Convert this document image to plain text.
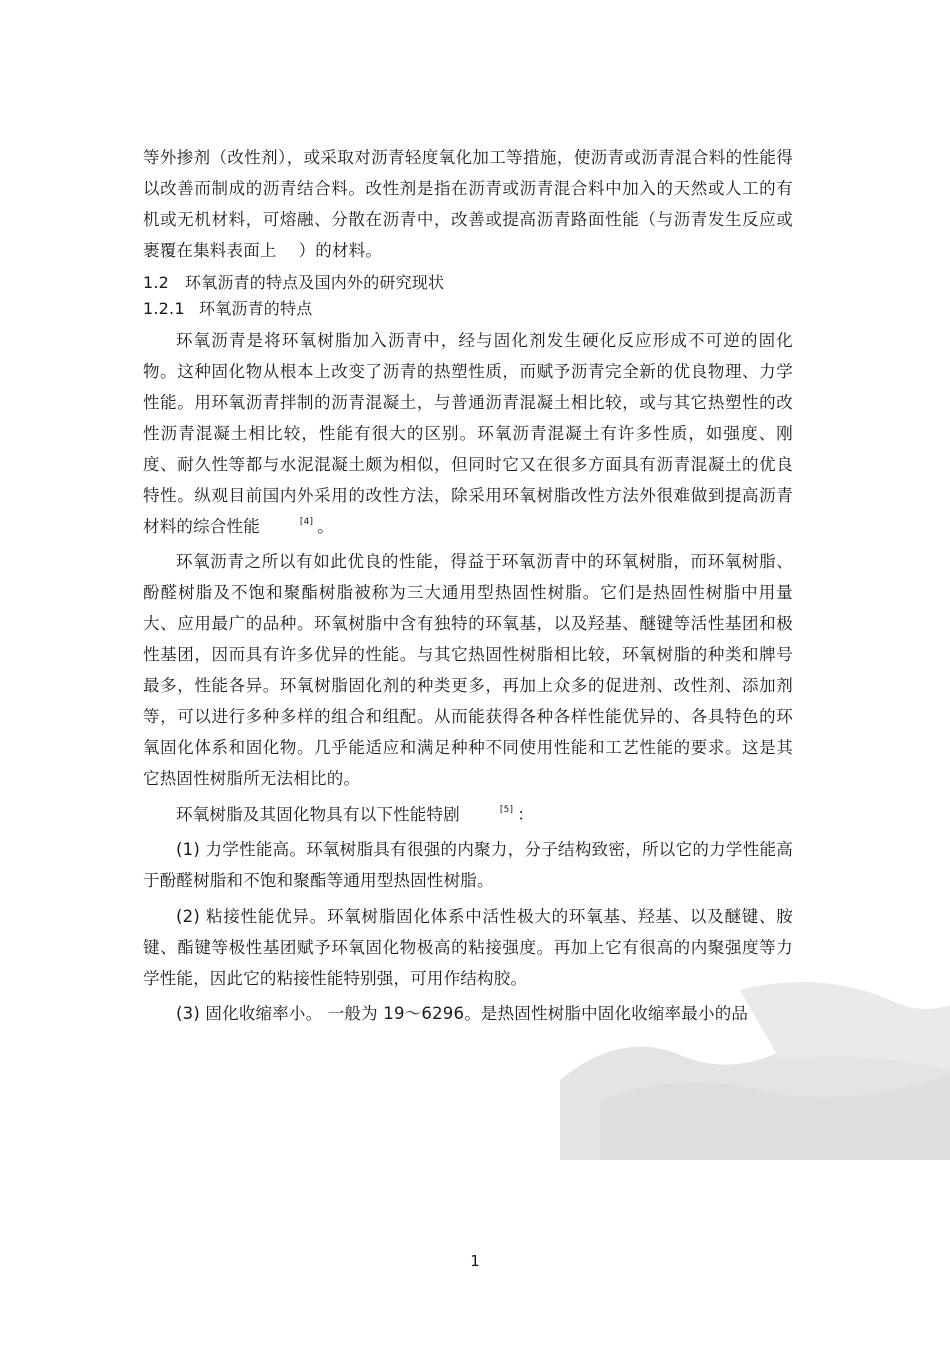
等外掺剂（改性剂），或采取对沥青轻度氧化加工等措施，使沥青或沥青混合料的性能得以改善而制成的沥青结合料。改性剂是指在沥青或沥青混合料中加入的天然或人工的有机或无机材料，可熔融、分散在沥青中，改善或提高沥青路面性能（与沥青发生反应或裹覆在集料表面上 ）的材料。

1.2 环氧沥青的特点及国内外的研究现状
1.2.1 环氧沥青的特点

环氧沥青是将环氧树脂加入沥青中，经与固化剂发生硬化反应形成不可逆的固化物。这种固化物从根本上改变了沥青的热塑性质，而赋予沥青完全新的优良物理、力学性能。用环氧沥青拌制的沥青混凝土，与普通沥青混凝土相比较，或与其它热塑性的改性沥青混凝土相比较，性能有很大的区别。环氧沥青混凝土有许多性质，如强度、刚度、耐久性等都与水泥混凝土颇为相似，但同时它又在很多方面具有沥青混凝土的优良特性。纵观目前国内外采用的改性方法，除采用环氧树脂改性方法外很难做到提高沥青材料的综合性能	[4] 。

环氧沥青之所以有如此优良的性能，得益于环氧沥青中的环氧树脂，而环氧树脂、酚醛树脂及不饱和聚酯树脂被称为三大通用型热固性树脂。它们是热固性树脂中用量大、应用最广的品种。环氧树脂中含有独特的环氧基，以及羟基、醚键等活性基团和极性基团，因而具有许多优异的性能。与其它热固性树脂相比较，环氧树脂的种类和牌号最多，性能各异。环氧树脂固化剂的种类更多，再加上众多的促进剂、改性剂、添加剂等，可以进行多种多样的组合和组配。从而能获得各种各样性能优异的、各具特色的环氧固化体系和固化物。几乎能适应和满足种种不同使用性能和工艺性能的要求。这是其它热固性树脂所无法相比的。

环氧树脂及其固化物具有以下性能特剧	[5] ：

(1) 力学性能高。环氧树脂具有很强的内聚力，分子结构致密，所以它的力学性能高于酚醛树脂和不饱和聚酯等通用型热固性树脂。

(2) 粘接性能优异。环氧树脂固化体系中活性极大的环氧基、羟基、以及醚键、胺键、酯键等极性基团赋予环氧固化物极高的粘接强度。再加上它有很高的内聚强度等力学性能，因此它的粘接性能特别强，可用作结构胶。

(3) 固化收缩率小。 一般为 19～6296。是热固性树脂中固化收缩率最小的品

1
